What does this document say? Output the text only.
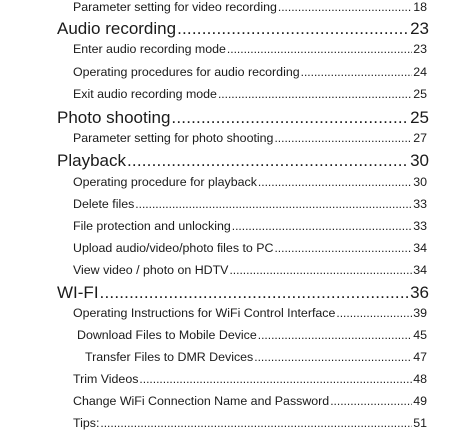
Parameter setting for video recording .....	18
Audio recording .....	23
Enter audio recording mode .....	23
Operating procedures for audio recording .....	24
Exit audio recording mode .....	25
Photo shooting .....	25
Parameter setting for photo shooting .....	27
Playback .....	30
Operating procedure for playback .....	30
Delete files .....	33
File protection and unlocking .....	33
Upload audio/video/photo files to PC .....	34
View video / photo on HDTV .....	34
WI-FI .....	36
Operating Instructions for WiFi Control Interface .....	39
Download Files to Mobile Device .....	45
Transfer Files to DMR Devices .....	47
Trim Videos .....	48
Change WiFi Connection Name and Password .....	49
Tips: .....	51
